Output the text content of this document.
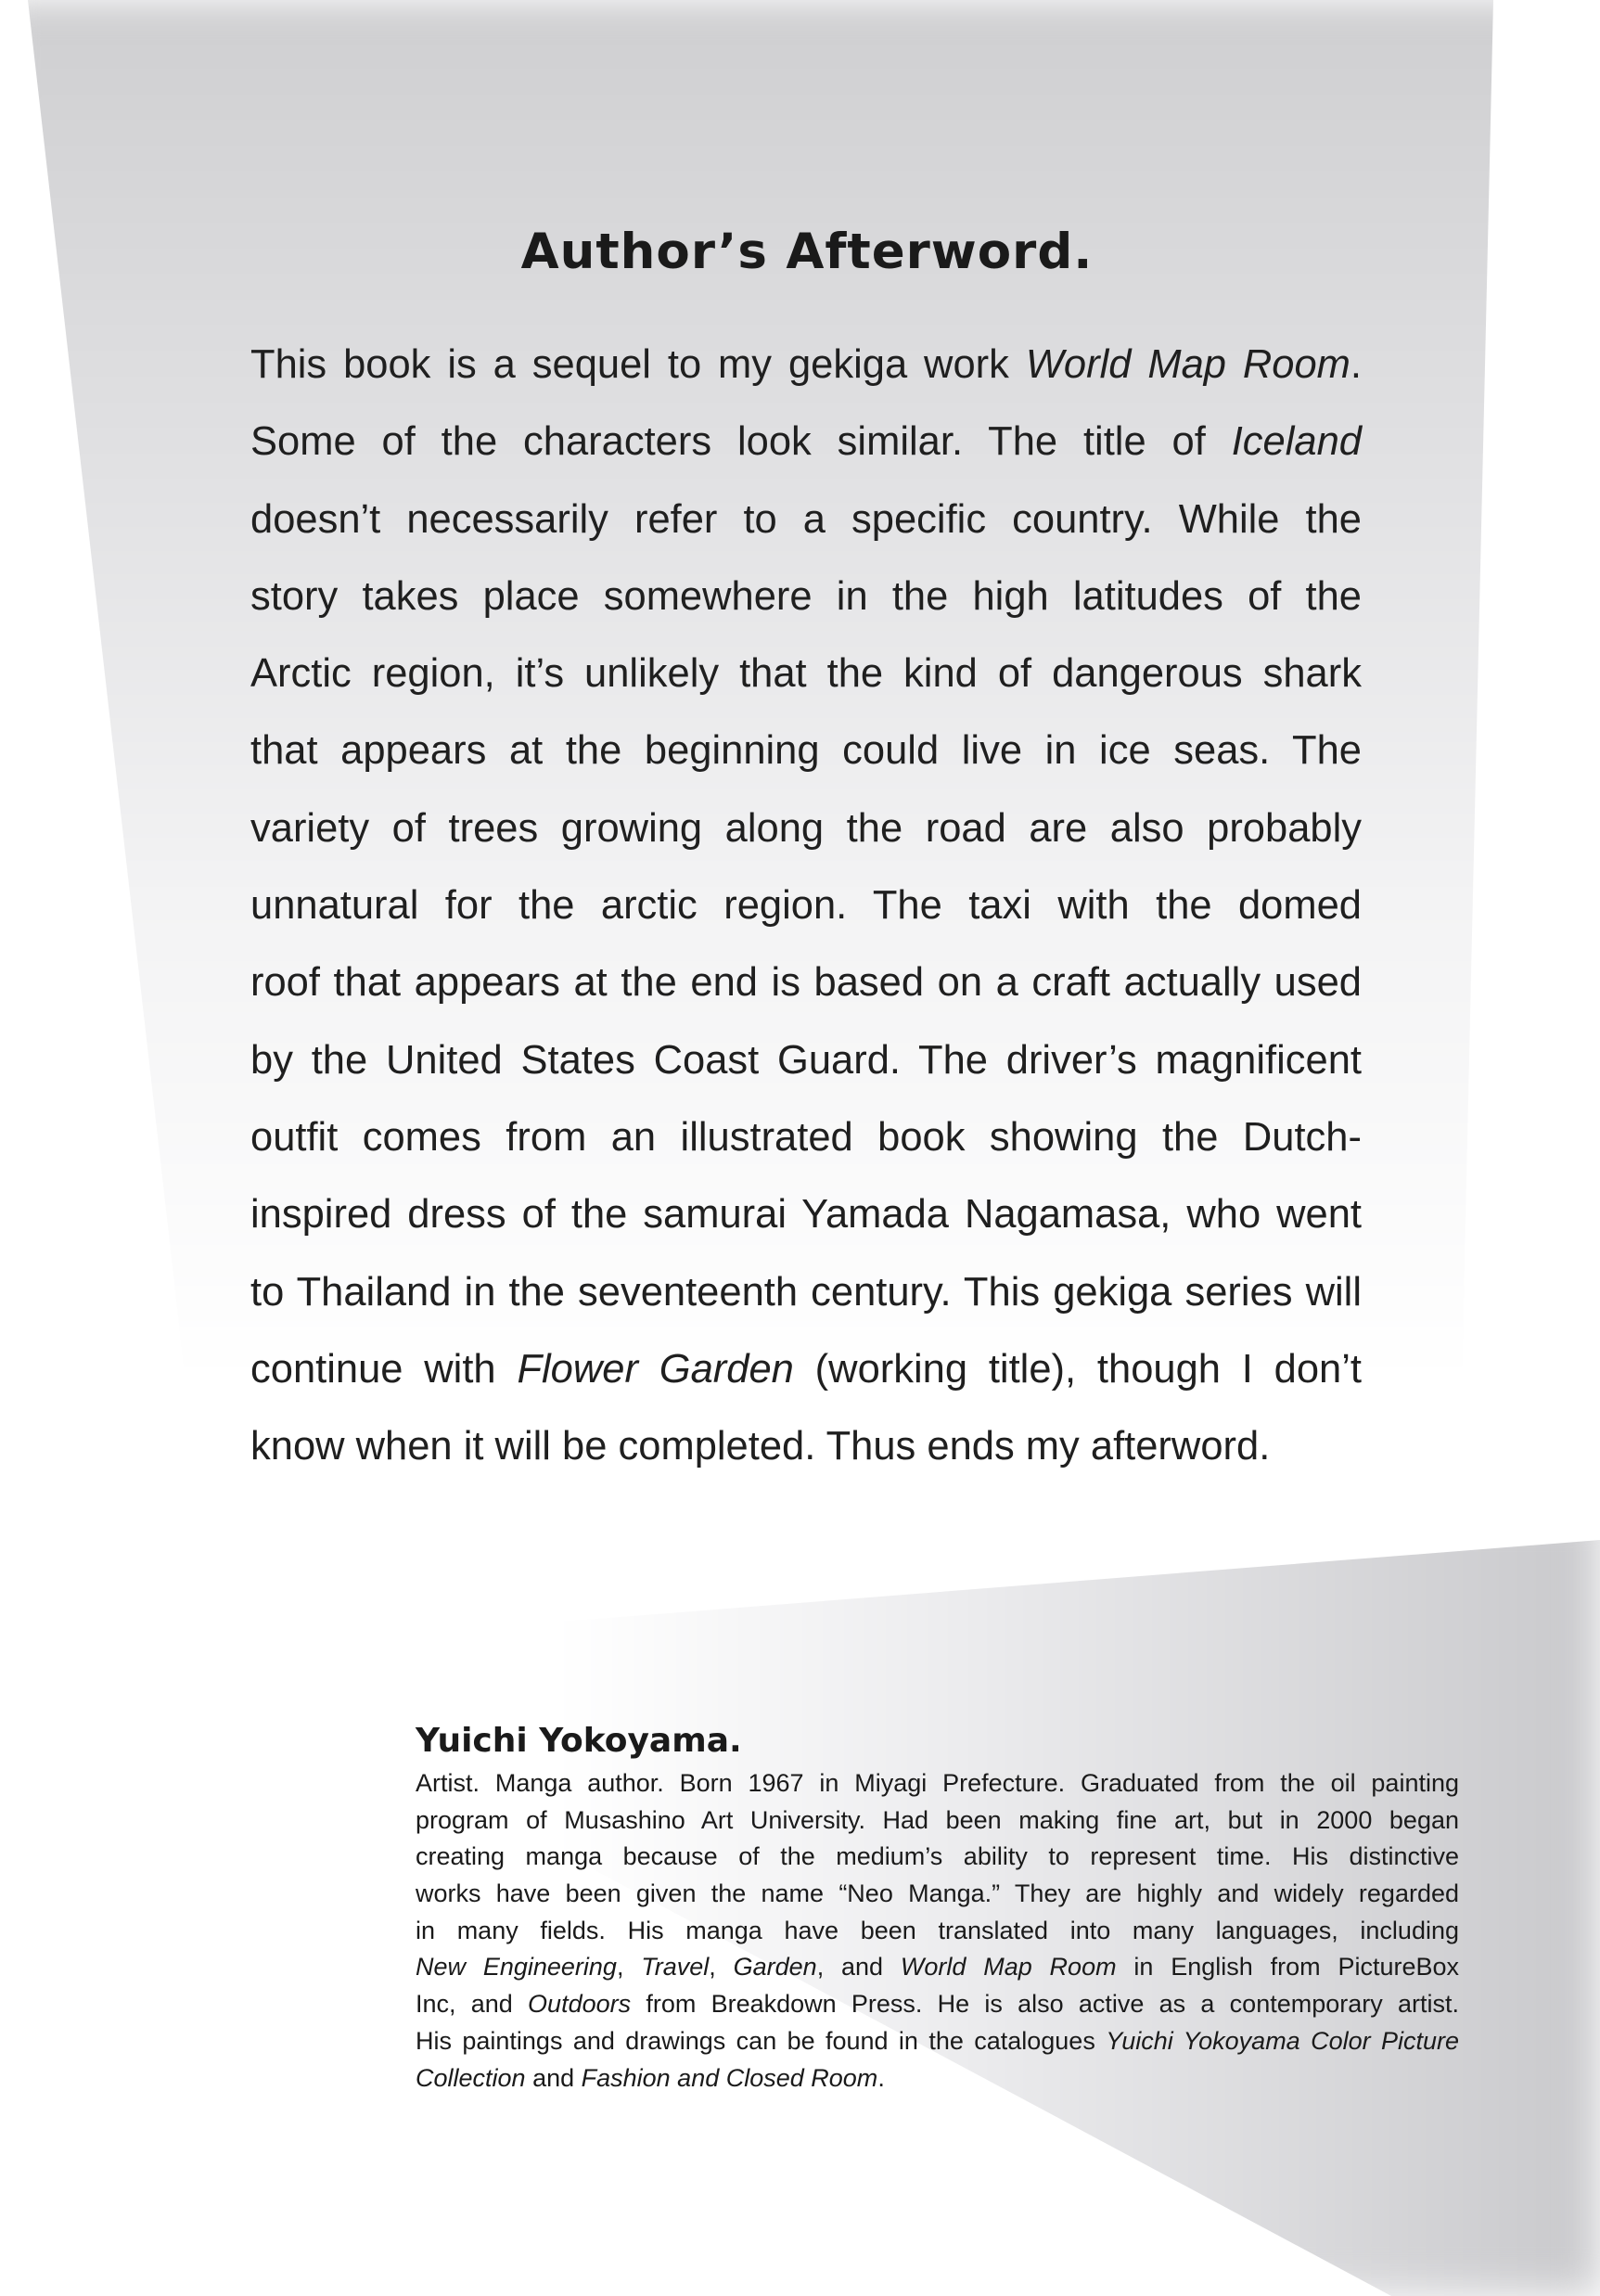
Author’s Afterword.

This book is a sequel to my gekiga work World Map Room.

Some of the characters look similar. The title of Iceland

doesn’t necessarily refer to a specific country. While the

story takes place somewhere in the high latitudes of the

Arctic region, it’s unlikely that the kind of dangerous shark

that appears at the beginning could live in ice seas. The

variety of trees growing along the road are also probably

unnatural for the arctic region. The taxi with the domed

roof that appears at the end is based on a craft actually used

by the United States Coast Guard. The driver’s magnificent

outfit comes from an illustrated book showing the Dutch-

inspired dress of the samurai Yamada Nagamasa, who went

to Thailand in the seventeenth century. This gekiga series will

continue with Flower Garden (working title), though I don’t

know when it will be completed. Thus ends my afterword.

Yuichi Yokoyama.
Artist. Manga author. Born 1967 in Miyagi Prefecture. Graduated from the oil painting
program of Musashino Art University. Had been making fine art, but in 2000 began
creating manga because of the medium’s ability to represent time. His distinctive
works have been given the name “Neo Manga.” They are highly and widely regarded
in many fields. His manga have been translated into many languages, including
New Engineering, Travel, Garden, and World Map Room in English from PictureBox
Inc, and Outdoors from Breakdown Press. He is also active as a contemporary artist.
His paintings and drawings can be found in the catalogues Yuichi Yokoyama Color Picture
Collection and Fashion and Closed Room.
